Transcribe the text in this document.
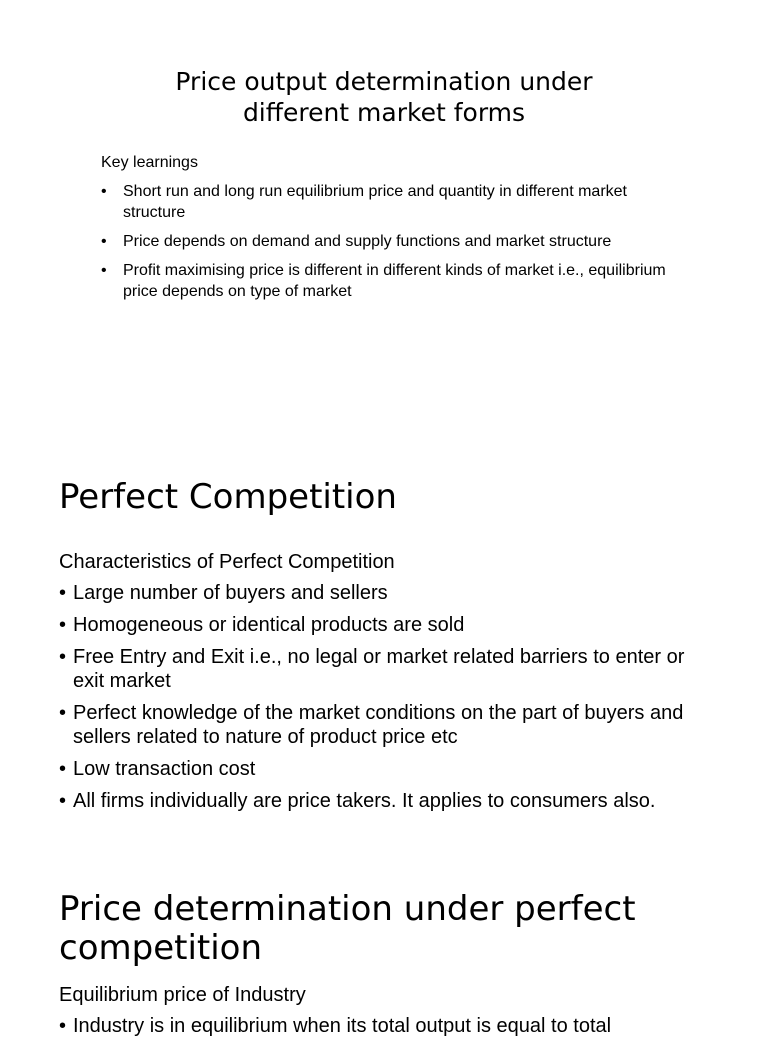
Price output determination under different market forms
Key learnings
• Short run and long run equilibrium price and quantity in different market structure
• Price depends on demand and supply functions and market structure
• Profit maximising price is different in different kinds of market i.e., equilibrium price depends on type of market
Perfect Competition
Characteristics of Perfect Competition
• Large number of buyers and sellers
• Homogeneous or identical products are sold
• Free Entry and Exit i.e., no legal or market related barriers to enter or exit market
• Perfect knowledge of the market conditions on the part of buyers and sellers related to nature of product price etc
• Low transaction cost
• All firms individually are price takers. It applies to consumers also.
Price determination under perfect competition
Equilibrium price of Industry
• Industry is in equilibrium when its total output is equal to total
